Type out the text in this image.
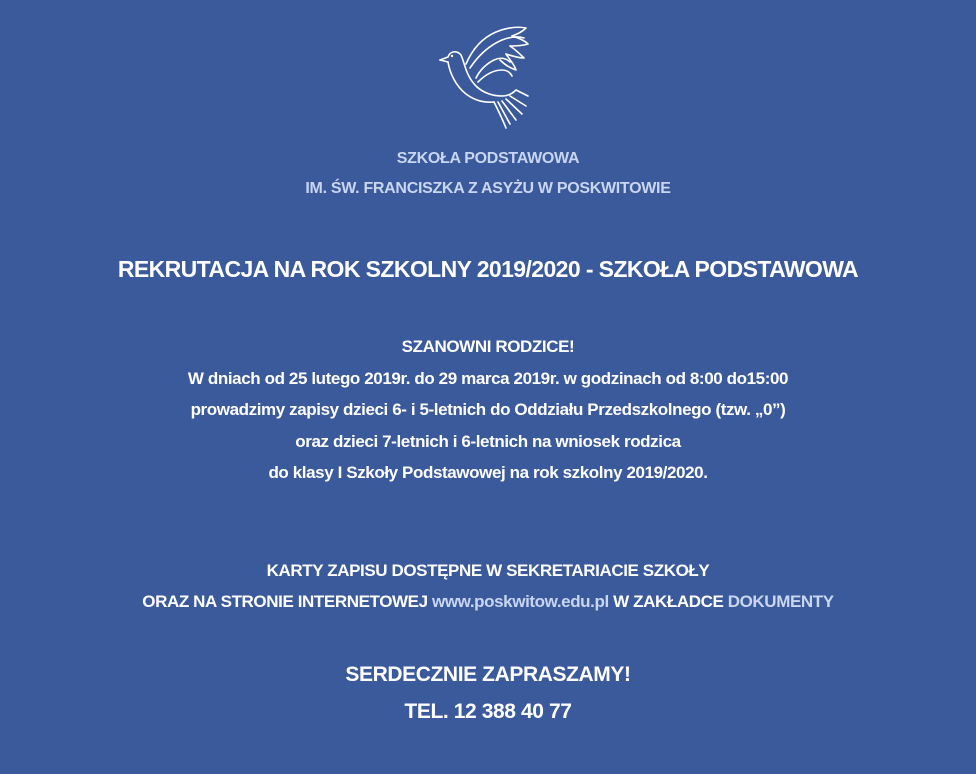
SZKOŁA PODSTAWOWA
IM. ŚW. FRANCISZKA Z ASYŻU W POSKWITOWIE
REKRUTACJA NA ROK SZKOLNY 2019/2020 - SZKOŁA PODSTAWOWA
SZANOWNI RODZICE!
W dniach od 25 lutego 2019r. do 29 marca 2019r. w godzinach od 8:00 do15:00
prowadzimy zapisy dzieci 6- i 5-letnich do Oddziału Przedszkolnego (tzw. „0”)
oraz dzieci 7-letnich i 6-letnich na wniosek rodzica
do klasy I Szkoły Podstawowej na rok szkolny 2019/2020.
KARTY ZAPISU DOSTĘPNE W SEKRETARIACIE SZKOŁY
ORAZ NA STRONIE INTERNETOWEJ www.poskwitow.edu.pl W ZAKŁADCE DOKUMENTY
SERDECZNIE ZAPRASZAMY!
TEL. 12 388 40 77
